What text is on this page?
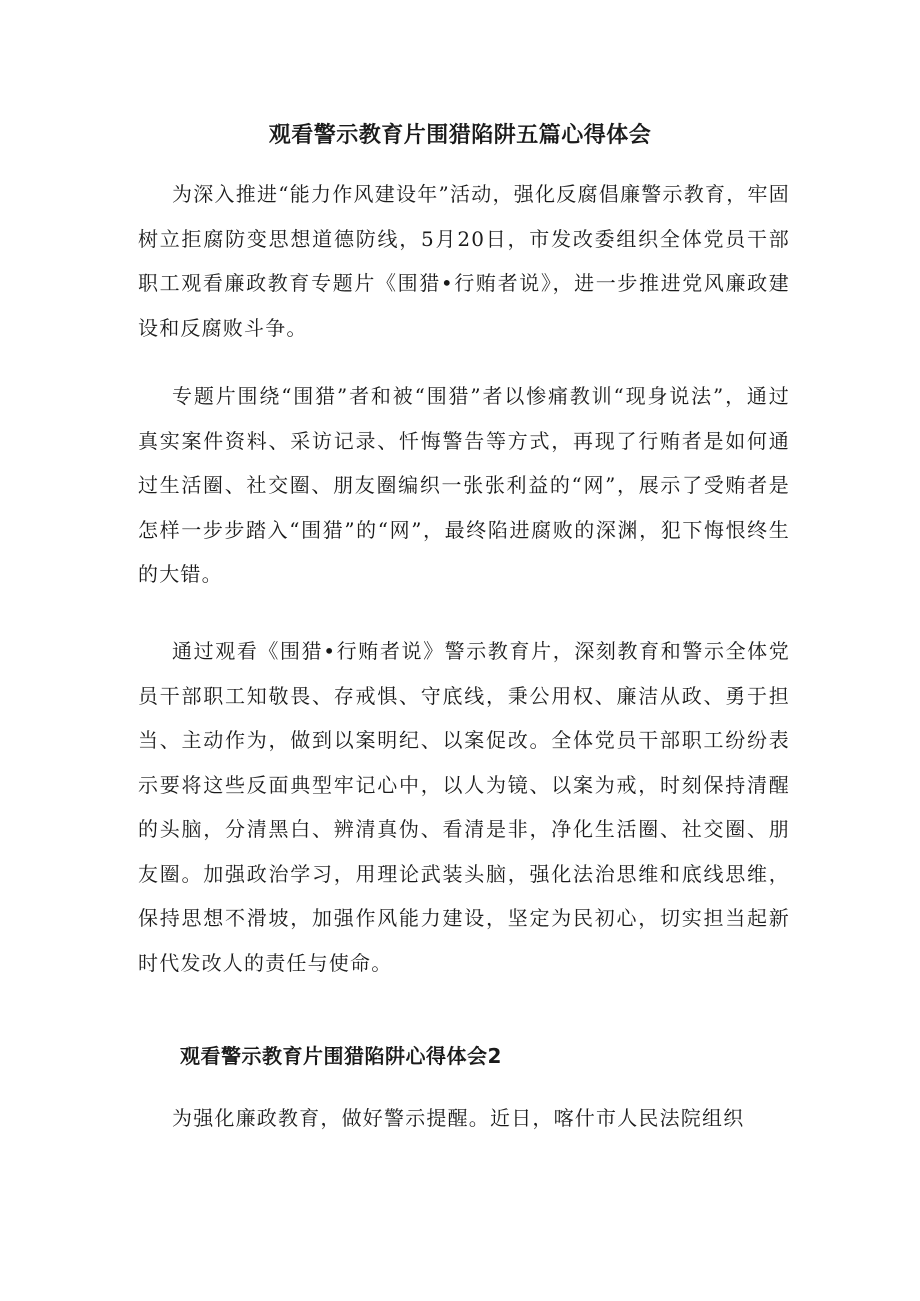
观看警示教育片围猎陷阱五篇心得体会

为深入推进“能力作风建设年”活动，强化反腐倡廉警示教育，牢固树立拒腐防变思想道德防线，5月20日，市发改委组织全体党员干部职工观看廉政教育专题片《围猎•行贿者说》，进一步推进党风廉政建设和反腐败斗争。

专题片围绕“围猎”者和被“围猎”者以惨痛教训“现身说法”，通过真实案件资料、采访记录、忏悔警告等方式，再现了行贿者是如何通过生活圈、社交圈、朋友圈编织一张张利益的“网”，展示了受贿者是怎样一步步踏入“围猎”的“网”，最终陷进腐败的深渊，犯下悔恨终生的大错。

通过观看《围猎•行贿者说》警示教育片，深刻教育和警示全体党员干部职工知敬畏、存戒惧、守底线，秉公用权、廉洁从政、勇于担当、主动作为，做到以案明纪、以案促改。全体党员干部职工纷纷表示要将这些反面典型牢记心中，以人为镜、以案为戒，时刻保持清醒的头脑，分清黑白、辨清真伪、看清是非，净化生活圈、社交圈、朋友圈。加强政治学习，用理论武装头脑，强化法治思维和底线思维，保持思想不滑坡，加强作风能力建设，坚定为民初心，切实担当起新时代发改人的责任与使命。

观看警示教育片围猎陷阱心得体会2

为强化廉政教育，做好警示提醒。近日，喀什市人民法院组织
